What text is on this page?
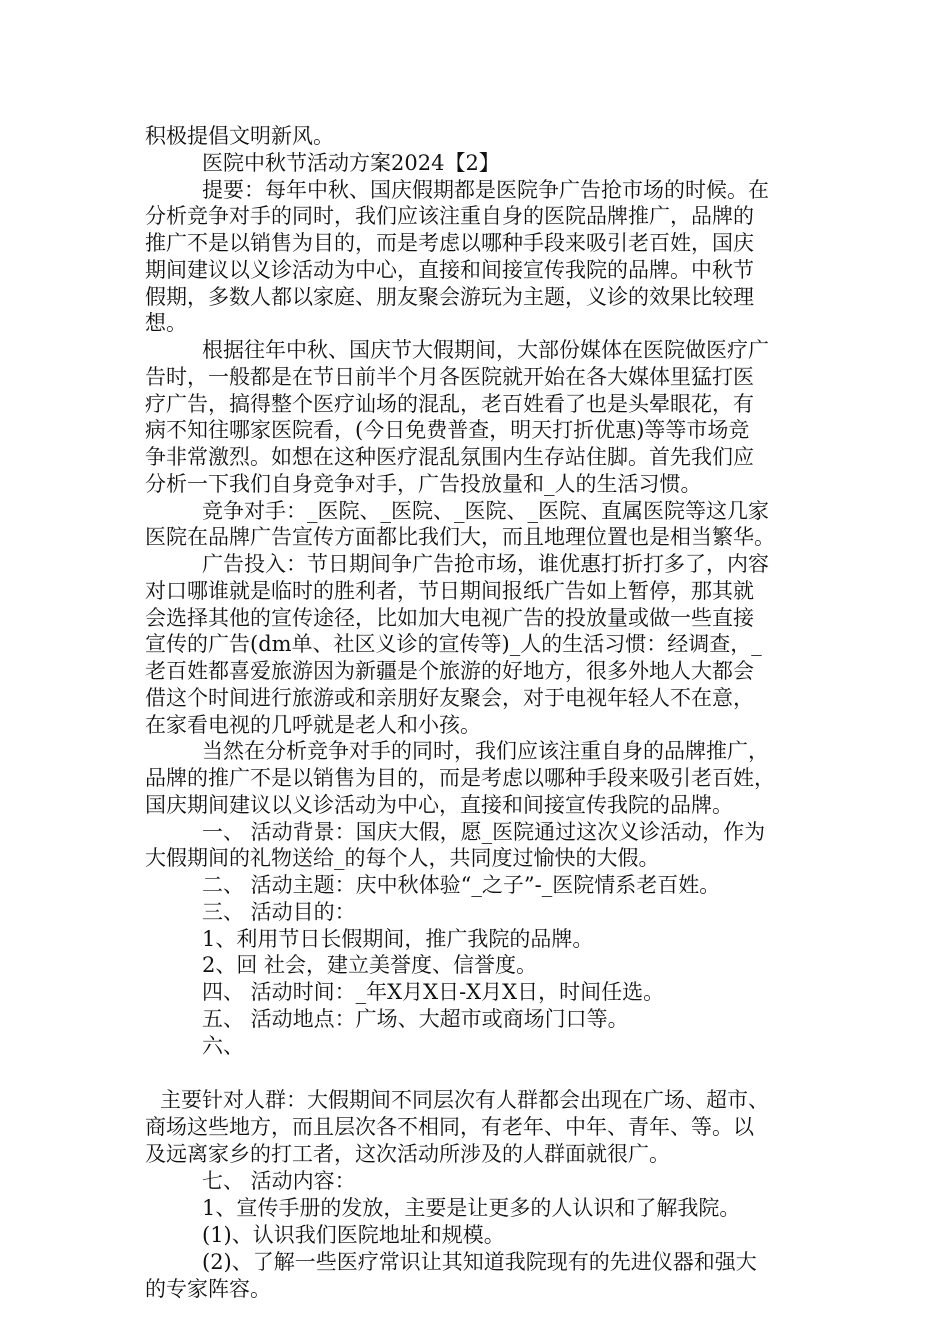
积极提倡文明新风。
医院中秋节活动方案2024【2】
提要：每年中秋、国庆假期都是医院争广告抢市场的时候。在
分析竞争对手的同时，我们应该注重自身的医院品牌推广，品牌的
推广不是以销售为目的，而是考虑以哪种手段来吸引老百姓，国庆
期间建议以义诊活动为中心，直接和间接宣传我院的品牌。中秋节
假期，多数人都以家庭、朋友聚会游玩为主题，义诊的效果比较理
想。
根据往年中秋、国庆节大假期间，大部份媒体在医院做医疗广
告时，一般都是在节日前半个月各医院就开始在各大媒体里猛打医
疗广告，搞得整个医疗讪场的混乱，老百姓看了也是头晕眼花，有
病不知往哪家医院看，(今日免费普查，明天打折优惠)等等市场竞
争非常激烈。如想在这种医疗混乱氛围内生存站住脚。首先我们应
分析一下我们自身竞争对手，广告投放量和_人的生活习惯。
竞争对手：_医院、_医院、_医院、_医院、直属医院等这几家
医院在品牌广告宣传方面都比我们大，而且地理位置也是相当繁华。
广告投入：节日期间争广告抢市场，谁优惠打折打多了，内容
对口哪谁就是临时的胜利者，节日期间报纸广告如上暂停，那其就
会选择其他的宣传途径，比如加大电视广告的投放量或做一些直接
宣传的广告(dm单、社区义诊的宣传等)_人的生活习惯：经调查，_
老百姓都喜爱旅游因为新疆是个旅游的好地方，很多外地人大都会
借这个时间进行旅游或和亲朋好友聚会，对于电视年轻人不在意，
在家看电视的几呼就是老人和小孩。
当然在分析竞争对手的同时，我们应该注重自身的品牌推广，
品牌的推广不是以销售为目的，而是考虑以哪种手段来吸引老百姓，
国庆期间建议以义诊活动为中心，直接和间接宣传我院的品牌。
一、 活动背景：国庆大假，愿_医院通过这次义诊活动，作为
大假期间的礼物送给_的每个人，共同度过愉快的大假。
二、 活动主题：庆中秋体验“_之子”-_医院情系老百姓。
三、 活动目的：
1、利用节日长假期间，推广我院的品牌。
2、回 社会，建立美誉度、信誉度。
四、 活动时间：_年X月X日-X月X日，时间任选。
五、 活动地点：广场、大超市或商场门口等。
六、
主要针对人群：大假期间不同层次有人群都会出现在广场、超市、
商场这些地方，而且层次各不相同，有老年、中年、青年、等。以
及远离家乡的打工者，这次活动所涉及的人群面就很广。
七、 活动内容：
1、宣传手册的发放，主要是让更多的人认识和了解我院。
(1)、认识我们医院地址和规模。
(2)、了解一些医疗常识让其知道我院现有的先进仪器和强大
的专家阵容。
